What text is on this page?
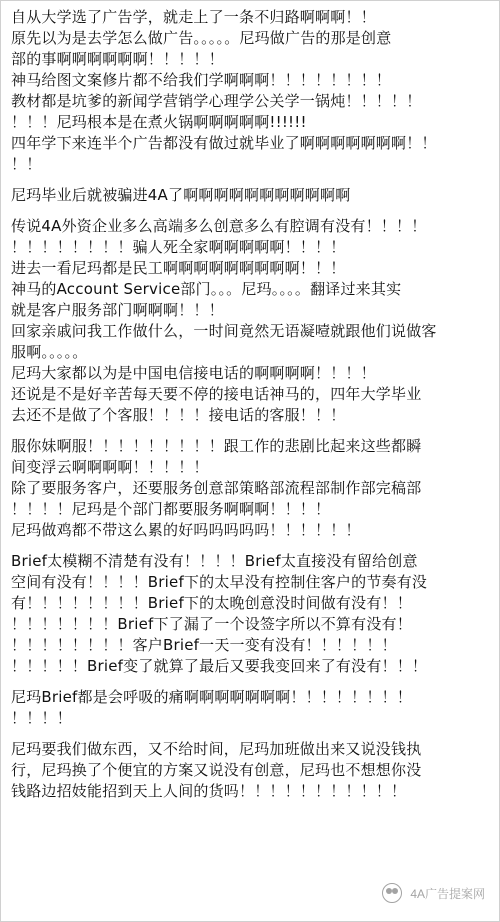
自从大学选了广告学，就走上了一条不归路啊啊啊！！
原先以为是去学怎么做广告。。。。。尼玛做广告的那是创意
部的事啊啊啊啊啊啊！！！！！
神马给图文案修片都不给我们学啊啊啊！！！！！！！！
教材都是坑爹的新闻学营销学心理学公关学一锅炖！！！！！
！！！尼玛根本是在煮火锅啊啊啊啊啊!!!!!!
四年学下来连半个广告都没有做过就毕业了啊啊啊啊啊啊啊！！
！！
尼玛毕业后就被骗进4A了啊啊啊啊啊啊啊啊啊啊啊
传说4A外资企业多么高端多么创意多么有腔调有没有！！！！
！！！！！！！！骗人死全家啊啊啊啊啊！！！！
进去一看尼玛都是民工啊啊啊啊啊啊啊啊啊！！！
神马的Account Service部门。。。尼玛。。。。翻译过来其实
就是客户服务部门啊啊啊！！！
回家亲戚问我工作做什么，一时间竟然无语凝噎就跟他们说做客
服啊。。。。。
尼玛大家都以为是中国电信接电话的啊啊啊啊！！！！
还说是不是好辛苦每天要不停的接电话神马的，四年大学毕业
去还不是做了个客服！！！！接电话的客服！！！
服你妹啊服！！！！！！！！！跟工作的悲剧比起来这些都瞬
间变浮云啊啊啊啊！！！！！
除了要服务客户，还要服务创意部策略部流程部制作部完稿部
！！！！尼玛是个部门都要服务啊啊啊！！！！
尼玛做鸡都不带这么累的好吗吗吗吗吗！！！！！！
Brief太模糊不清楚有没有！！！！Brief太直接没有留给创意
空间有没有！！！！Brief下的太早没有控制住客户的节奏有没
有！！！！！！！！Brief下的太晚创意没时间做有没有！！
！！！！！！！Brief下了漏了一个设签字所以不算有没有！
！！！！！！！！客户Brief一天一变有没有！！！！！！
！！！！！Brief变了就算了最后又要我变回来了有没有！！！
尼玛Brief都是会呼吸的痛啊啊啊啊啊啊啊！！！！！！！！
！！！！
尼玛要我们做东西，又不给时间，尼玛加班做出来又说没钱执
行，尼玛换了个便宜的方案又说没有创意，尼玛也不想想你没
钱路边招妓能招到天上人间的货吗！！！！！！！！！！！
4A广告提案网
